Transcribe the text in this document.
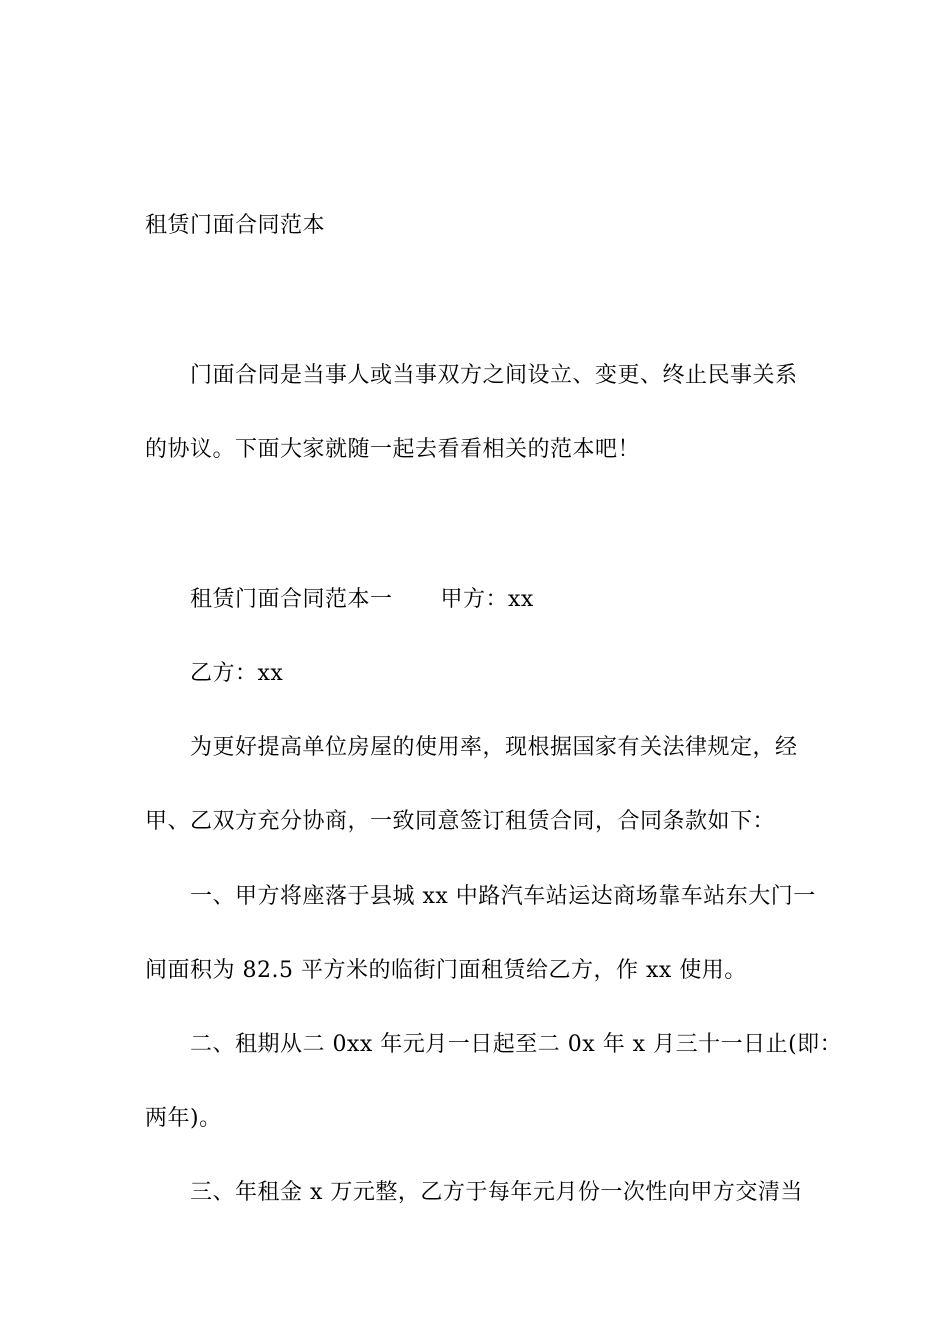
租赁门面合同范本
门面合同是当事人或当事双方之间设立、变更、终止民事关系
的协议。下面大家就随一起去看看相关的范本吧！
租赁门面合同范本一 甲方：xx
乙方：xx
为更好提高单位房屋的使用率，现根据国家有关法律规定，经
甲、乙双方充分协商，一致同意签订租赁合同，合同条款如下：
一、甲方将座落于县城 xx 中路汽车站运达商场靠车站东大门一
间面积为 82.5 平方米的临街门面租赁给乙方，作 xx 使用。
二、租期从二 0xx 年元月一日起至二 0x 年 x 月三十一日止(即：
两年)。
三、年租金 x 万元整，乙方于每年元月份一次性向甲方交清当
